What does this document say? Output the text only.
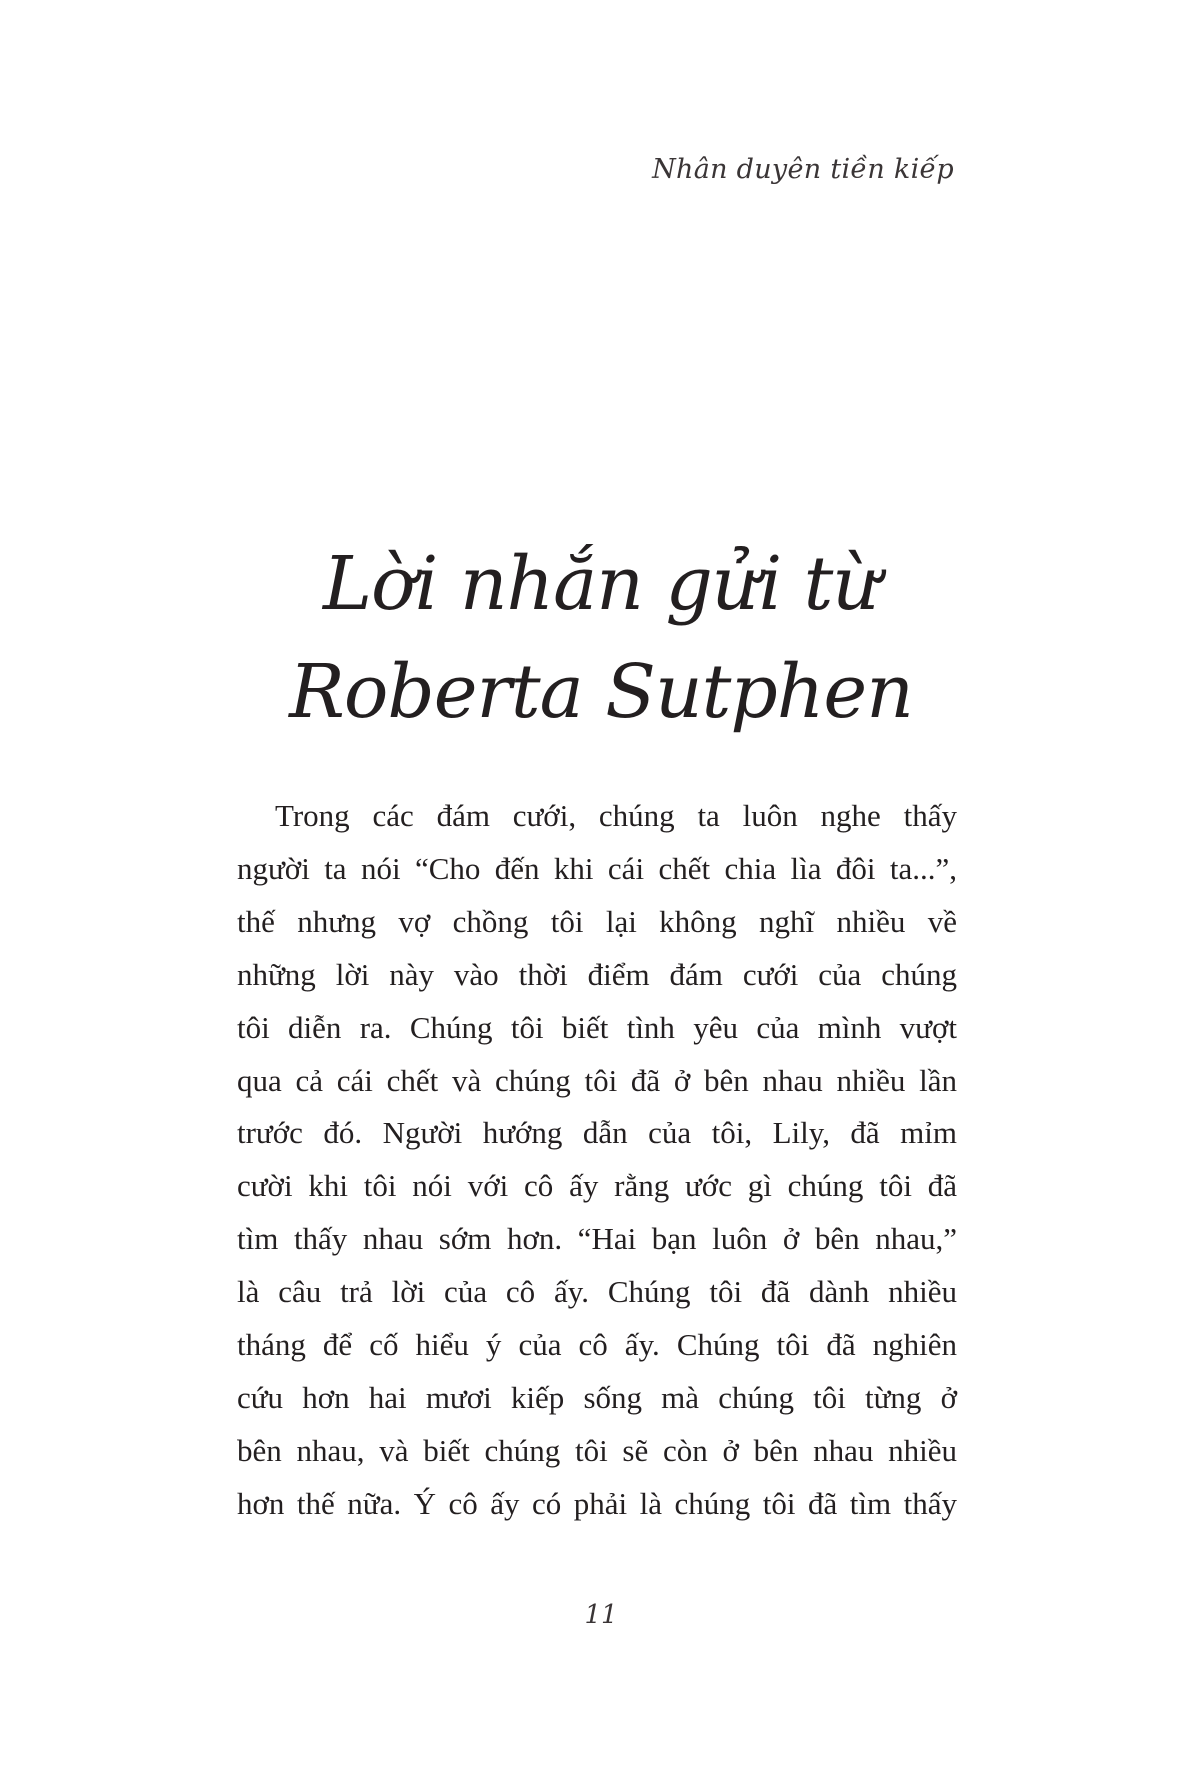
Nhân duyên tiền kiếp
Lời nhắn gửi từ
Roberta Sutphen

Trong các đám cưới, chúng ta luôn nghe thấy
người ta nói “Cho đến khi cái chết chia lìa đôi ta...”,
thế nhưng vợ chồng tôi lại không nghĩ nhiều về
những lời này vào thời điểm đám cưới của chúng
tôi diễn ra. Chúng tôi biết tình yêu của mình vượt
qua cả cái chết và chúng tôi đã ở bên nhau nhiều lần
trước đó. Người hướng dẫn của tôi, Lily, đã mỉm
cười khi tôi nói với cô ấy rằng ước gì chúng tôi đã
tìm thấy nhau sớm hơn. “Hai bạn luôn ở bên nhau,”
là câu trả lời của cô ấy. Chúng tôi đã dành nhiều
tháng để cố hiểu ý của cô ấy. Chúng tôi đã nghiên
cứu hơn hai mươi kiếp sống mà chúng tôi từng ở
bên nhau, và biết chúng tôi sẽ còn ở bên nhau nhiều
hơn thế nữa. Ý cô ấy có phải là chúng tôi đã tìm thấy

11
